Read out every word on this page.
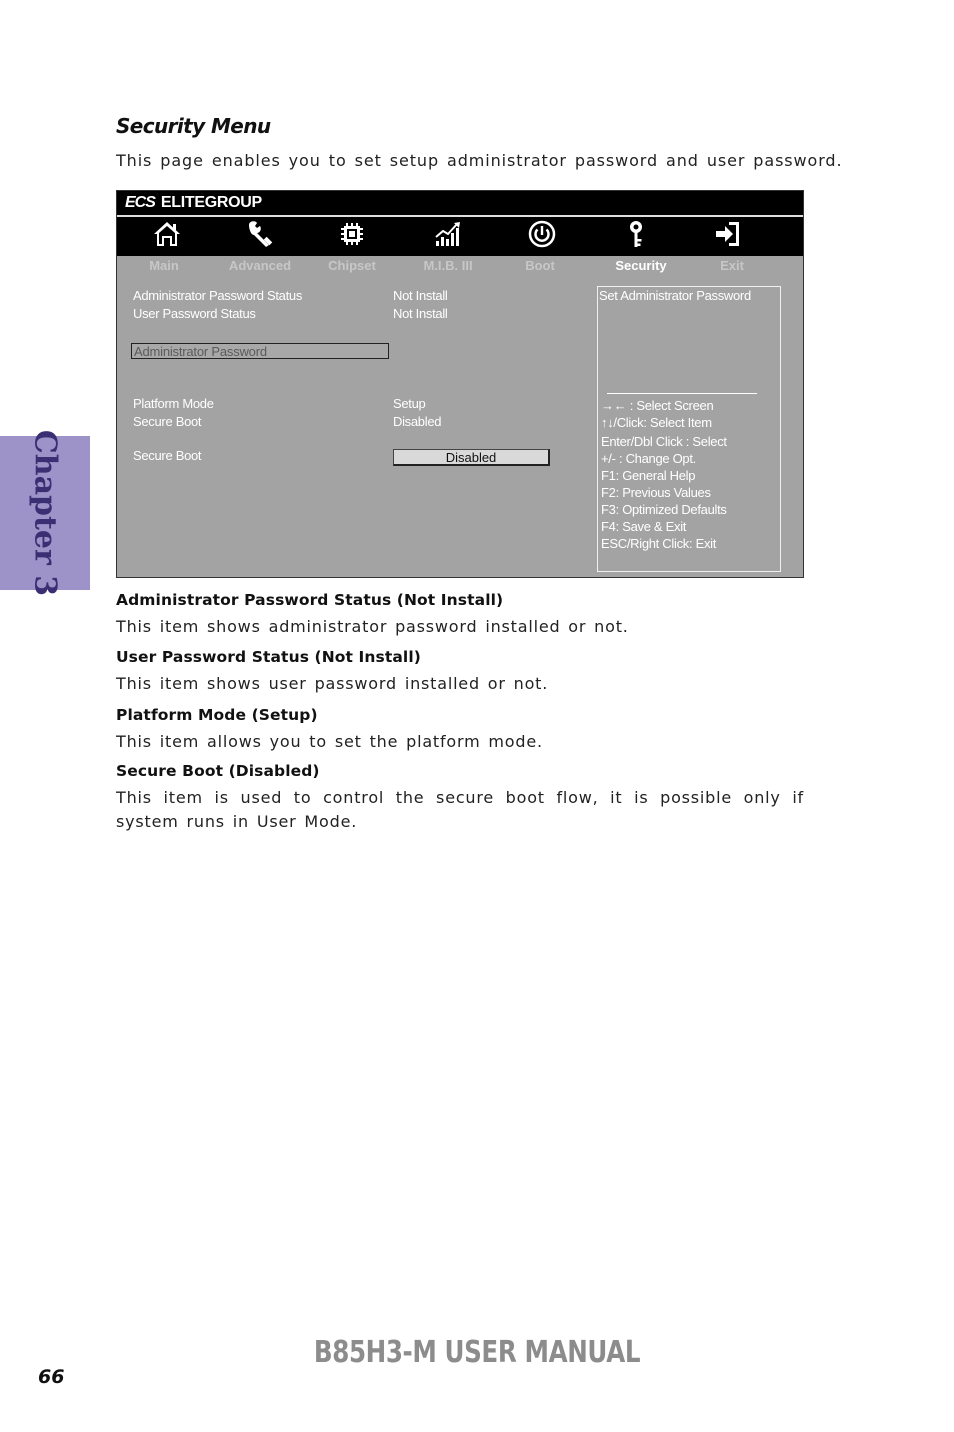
Security Menu
This page enables you to set setup administrator password and user password.
Chapter 3
ECS ELITEGROUP
Main	Advanced	Chipset	M.I.B. III	Boot	Security	Exit
Administrator Password Status	Not Install
User Password Status	Not Install
Administrator Password
Platform Mode	Setup
Secure Boot	Disabled
Secure Boot	Disabled
Set Administrator Password
→← : Select Screen
↑↓/Click: Select Item
Enter/Dbl Click : Select
+/- : Change Opt.
F1: General Help
F2: Previous Values
F3: Optimized Defaults
F4: Save & Exit
ESC/Right Click: Exit
Administrator Password Status (Not Install)
This item shows administrator password installed or not.
User Password Status (Not Install)
This item shows user password installed or not.
Platform Mode (Setup)
This item allows you to set the platform mode.
Secure Boot (Disabled)
This item is used to control the secure boot flow, it is possible only if system runs in User Mode.
B85H3-M USER MANUAL
66
